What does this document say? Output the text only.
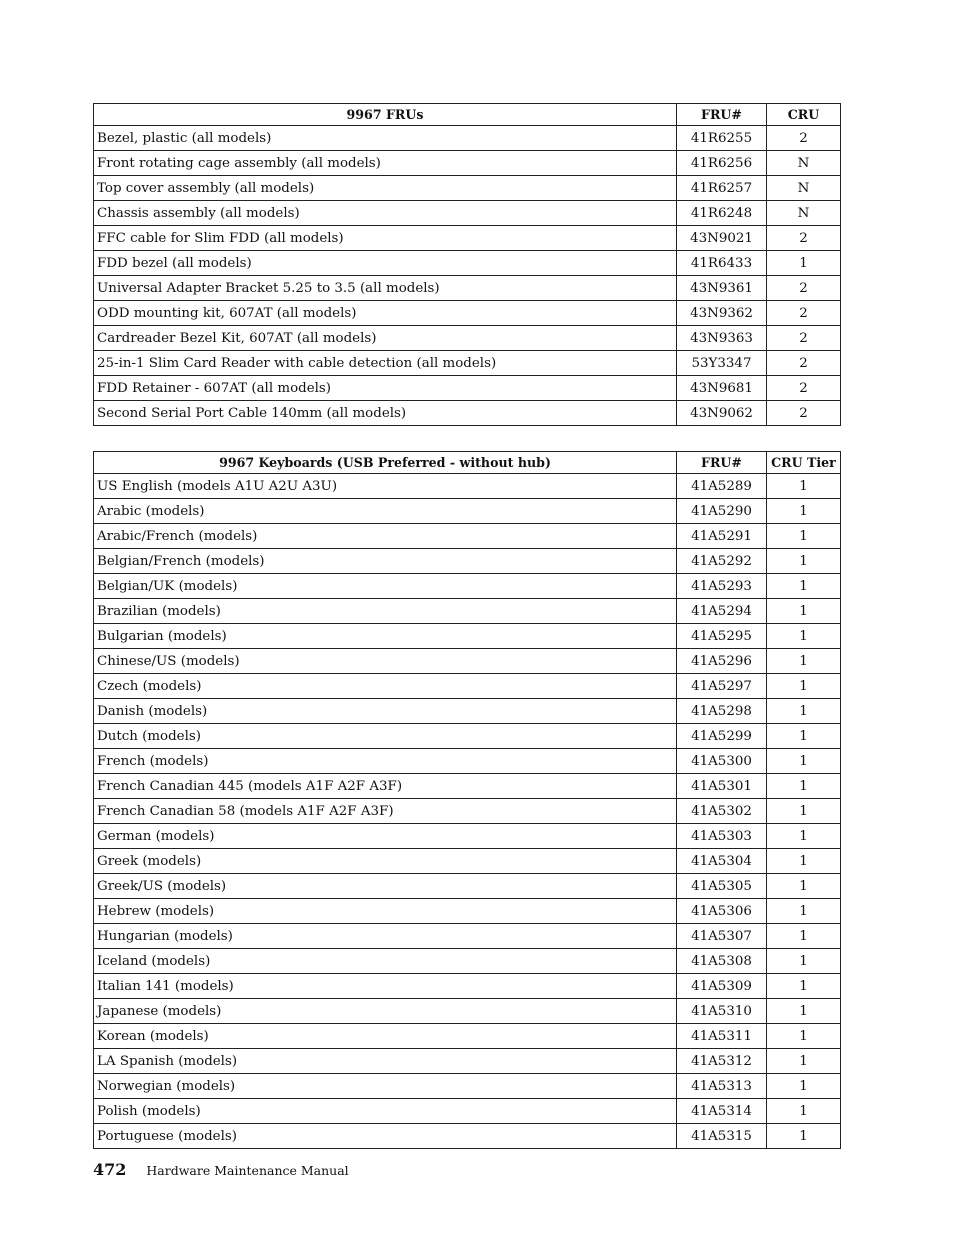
9967 FRUs	FRU#	CRU
Bezel, plastic (all models)	41R6255	2
Front rotating cage assembly (all models)	41R6256	N
Top cover assembly (all models)	41R6257	N
Chassis assembly (all models)	41R6248	N
FFC cable for Slim FDD (all models)	43N9021	2
FDD bezel (all models)	41R6433	1
Universal Adapter Bracket 5.25 to 3.5 (all models)	43N9361	2
ODD mounting kit, 607AT (all models)	43N9362	2
Cardreader Bezel Kit, 607AT (all models)	43N9363	2
25-in-1 Slim Card Reader with cable detection (all models)	53Y3347	2
FDD Retainer - 607AT (all models)	43N9681	2
Second Serial Port Cable 140mm (all models)	43N9062	2
9967 Keyboards (USB Preferred - without hub)	FRU#	CRU Tier
US English (models A1U A2U A3U)	41A5289	1
Arabic (models)	41A5290	1
Arabic/French (models)	41A5291	1
Belgian/French (models)	41A5292	1
Belgian/UK (models)	41A5293	1
Brazilian (models)	41A5294	1
Bulgarian (models)	41A5295	1
Chinese/US (models)	41A5296	1
Czech (models)	41A5297	1
Danish (models)	41A5298	1
Dutch (models)	41A5299	1
French (models)	41A5300	1
French Canadian 445 (models A1F A2F A3F)	41A5301	1
French Canadian 58 (models A1F A2F A3F)	41A5302	1
German (models)	41A5303	1
Greek (models)	41A5304	1
Greek/US (models)	41A5305	1
Hebrew (models)	41A5306	1
Hungarian (models)	41A5307	1
Iceland (models)	41A5308	1
Italian 141 (models)	41A5309	1
Japanese (models)	41A5310	1
Korean (models)	41A5311	1
LA Spanish (models)	41A5312	1
Norwegian (models)	41A5313	1
Polish (models)	41A5314	1
Portuguese (models)	41A5315	1
472 Hardware Maintenance Manual
